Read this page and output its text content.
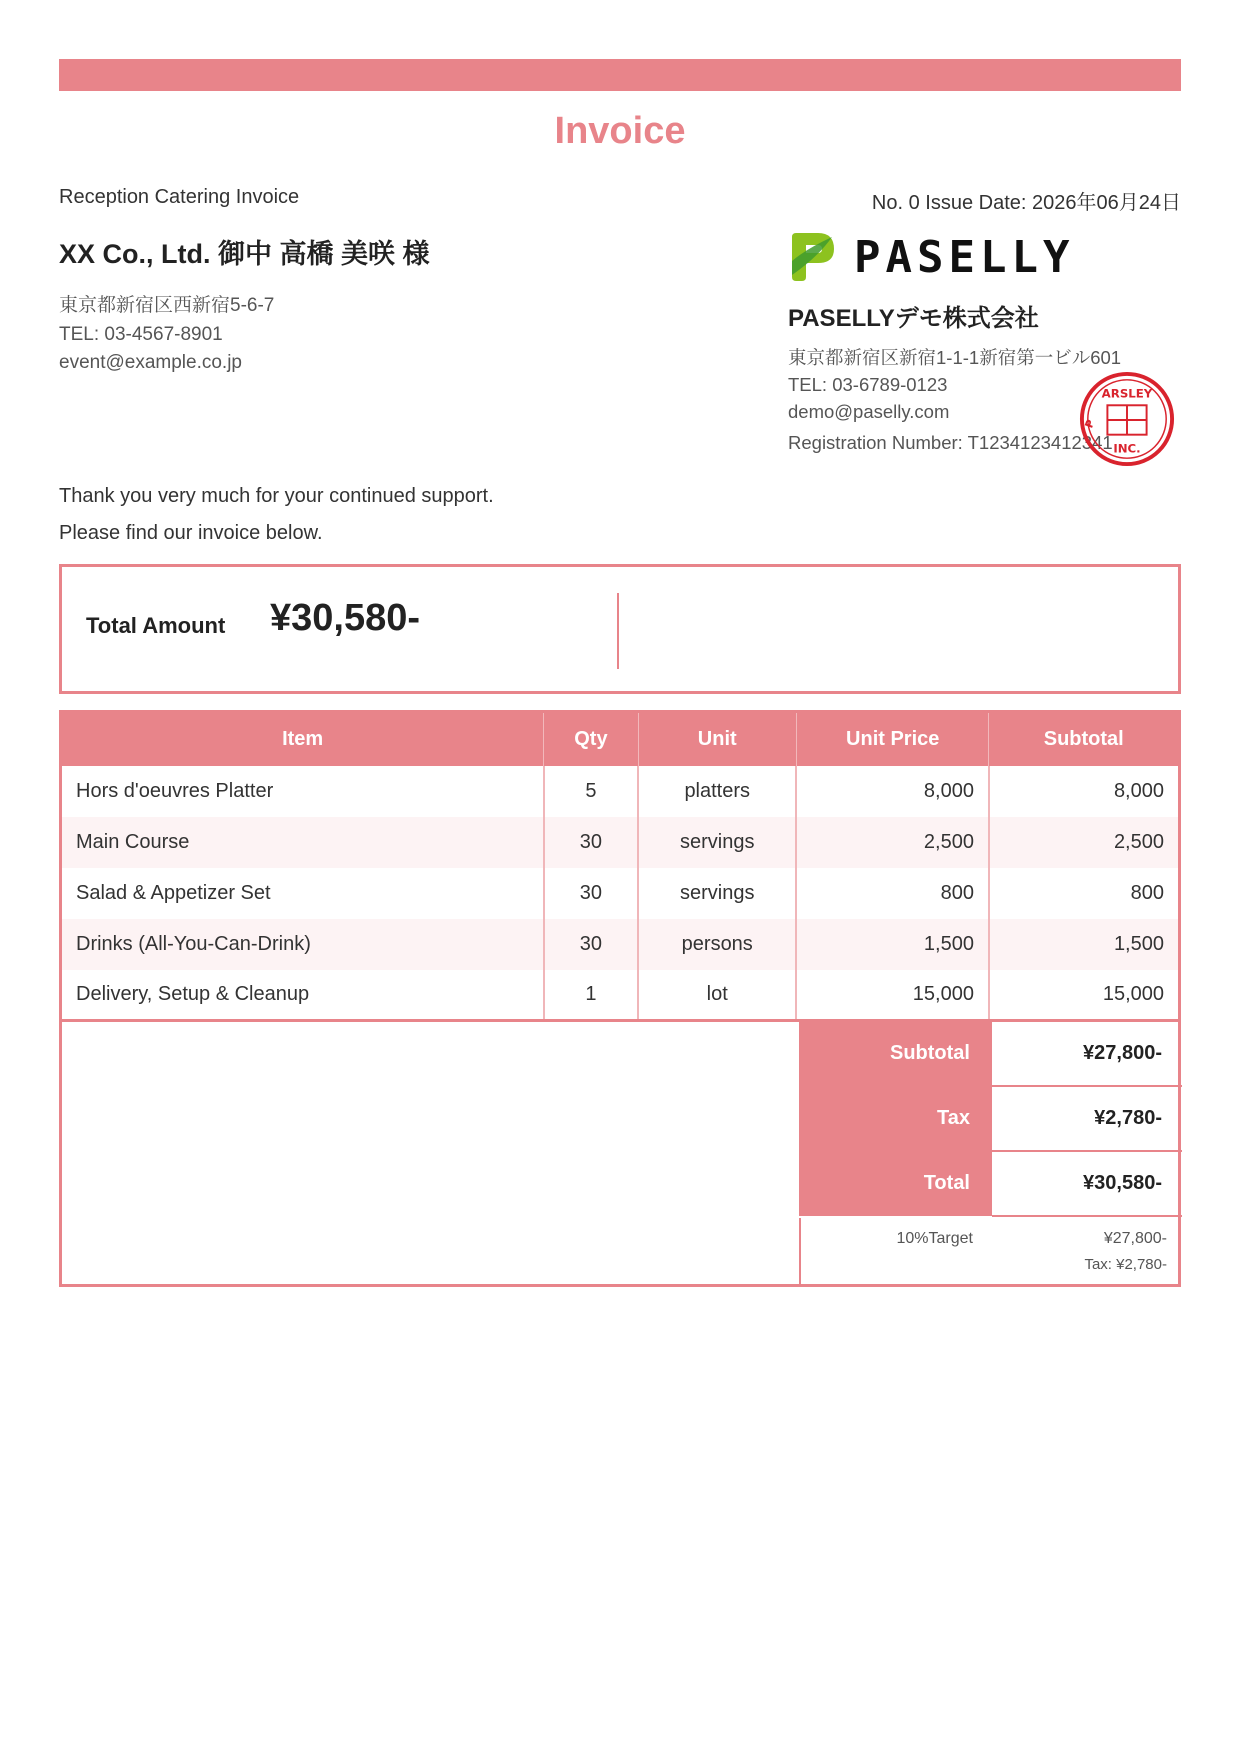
Invoice
Reception Catering Invoice	No. 0 Issue Date: 2026年06月24日
XX Co., Ltd. 御中 高橋 美咲 様
東京都新宿区西新宿5-6-7
TEL: 03-4567-8901
event@example.co.jp
PASELLY
PASELLYデモ株式会社
東京都新宿区新宿1-1-1新宿第一ビル601
TEL: 03-6789-0123
demo@paselly.com
Registration Number: T1234123412341
ARSLEY
P
INC.
Thank you very much for your continued support.
Please find our invoice below.
Total Amount ¥30,580-
Item	Qty	Unit	Unit Price	Subtotal
Hors d'oeuvres Platter	5	platters	8,000	8,000
Main Course	30	servings	2,500	2,500
Salad & Appetizer Set	30	servings	800	800
Drinks (All-You-Can-Drink)	30	persons	1,500	1,500
Delivery, Setup & Cleanup	1	lot	15,000	15,000
Subtotal	¥27,800-
Tax	¥2,780-
Total	¥30,580-
10%Target	¥27,800-
Tax: ¥2,780-
